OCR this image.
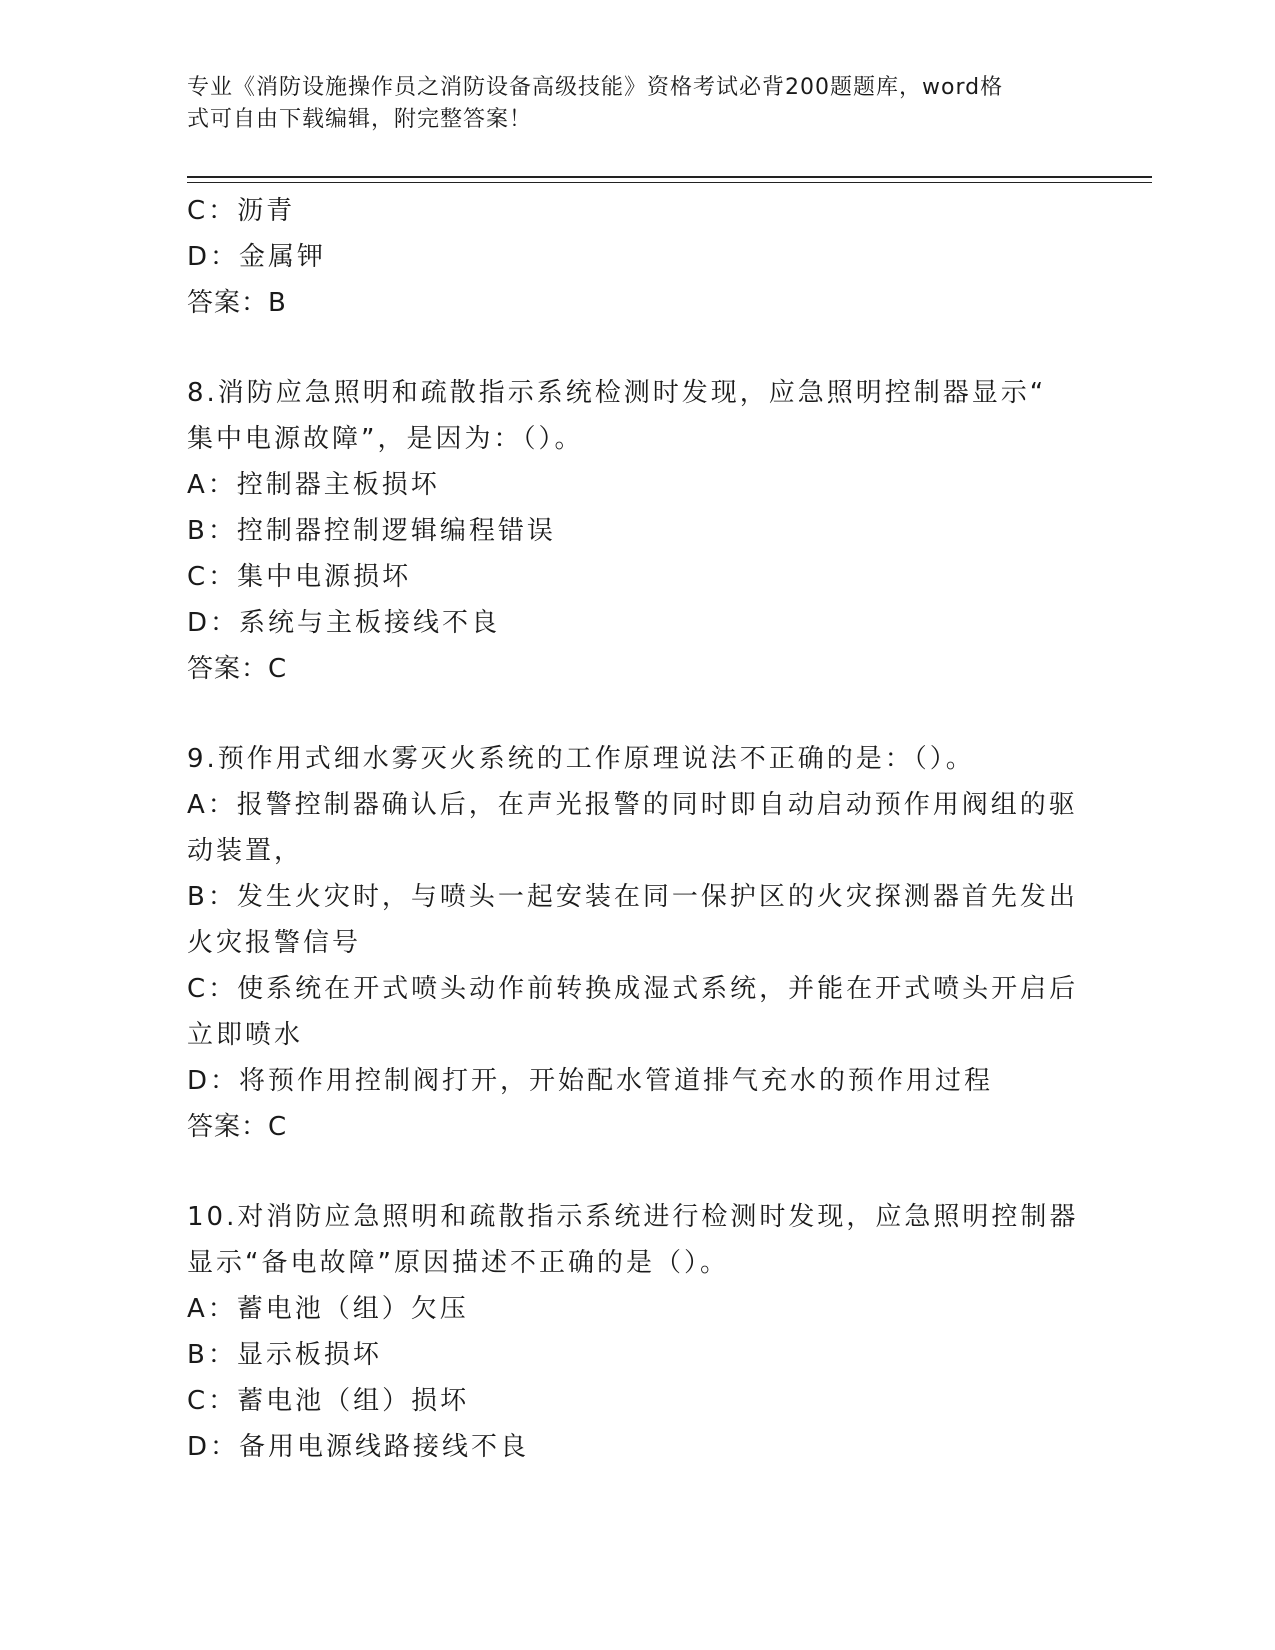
专业《消防设施操作员之消防设备高级技能》资格考试必背200题题库，word格
式可自由下载编辑，附完整答案！
C：沥青
D：金属钾
答案：B
8.消防应急照明和疏散指示系统检测时发现，应急照明控制器显示“
集中电源故障”，是因为：（）。
A：控制器主板损坏
B：控制器控制逻辑编程错误
C：集中电源损坏
D：系统与主板接线不良
答案：C
9.预作用式细水雾灭火系统的工作原理说法不正确的是：（）。
A：报警控制器确认后，在声光报警的同时即自动启动预作用阀组的驱
动装置，
B：发生火灾时，与喷头一起安装在同一保护区的火灾探测器首先发出
火灾报警信号
C：使系统在开式喷头动作前转换成湿式系统，并能在开式喷头开启后
立即喷水
D：将预作用控制阀打开，开始配水管道排气充水的预作用过程
答案：C
10.对消防应急照明和疏散指示系统进行检测时发现，应急照明控制器
显示“备电故障”原因描述不正确的是（）。
A：蓄电池（组）欠压
B：显示板损坏
C：蓄电池（组）损坏
D：备用电源线路接线不良
